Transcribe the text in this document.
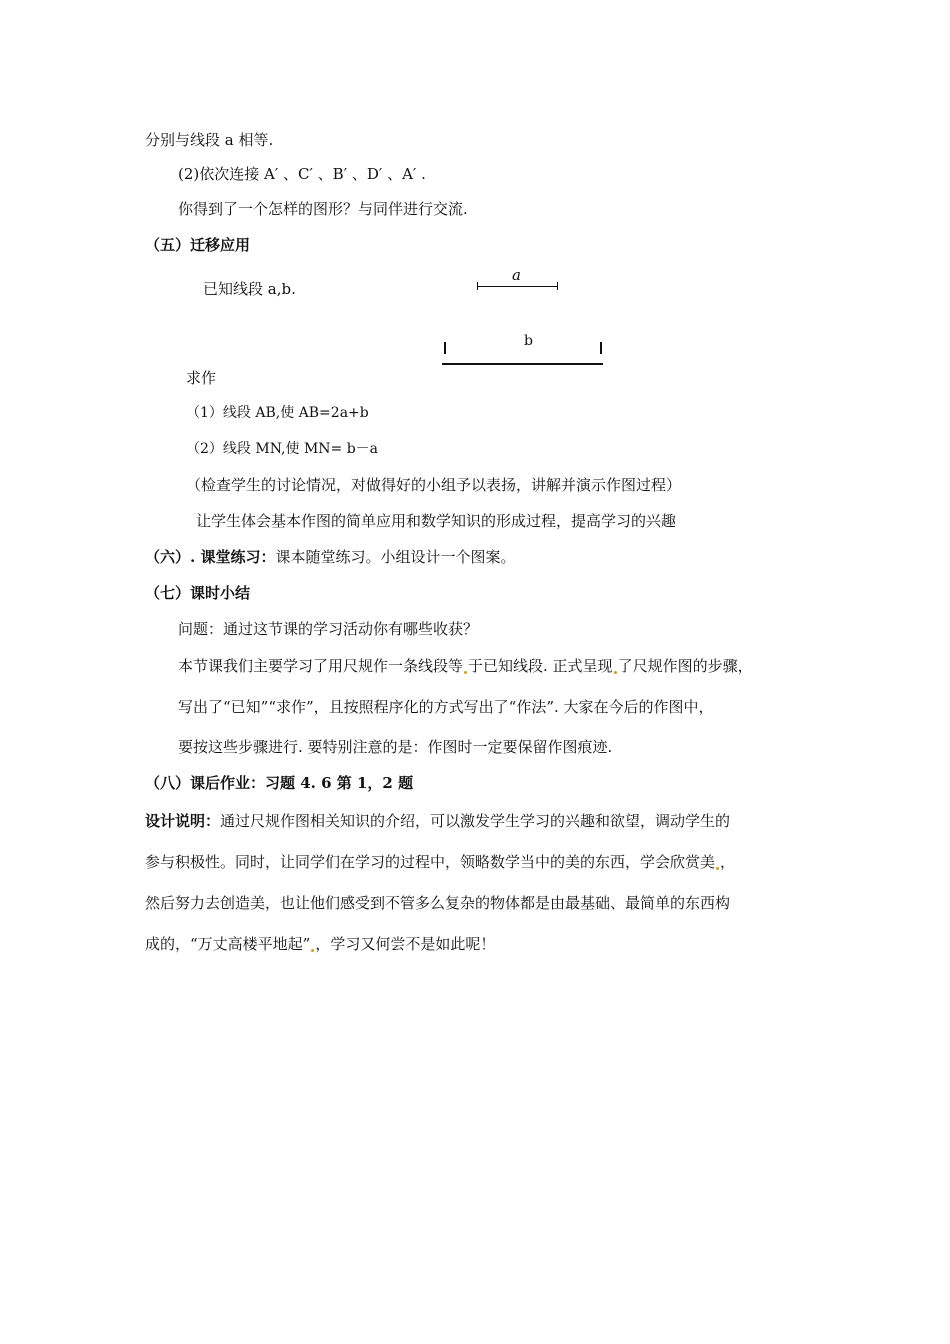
分别与线段 a 相等.
(2)依次连接 A′ 、C′ 、B′ 、D′ 、A′ .
你得到了一个怎样的图形？与同伴进行交流.
（五）迁移应用
已知线段 a,b.
a
b
求作
（1）线段 AB,使 AB=2a+b
（2）线段 MN,使 MN= b－a
（检查学生的讨论情况，对做得好的小组予以表扬，讲解并演示作图过程）
让学生体会基本作图的简单应用和数学知识的形成过程，提高学习的兴趣
（六）. 课堂练习：课本随堂练习。小组设计一个图案。
（七）课时小结
问题：通过这节课的学习活动你有哪些收获？
本节课我们主要学习了用尺规作一条线段等 于已知线段. 正式呈现 了尺规作图的步骤，
写出了“已知”“求作”，且按照程序化的方式写出了“作法”. 大家在今后的作图中，
要按这些步骤进行. 要特别注意的是：作图时一定要保留作图痕迹.
（八）课后作业：习题 4. 6 第 1，2 题
设计说明：通过尺规作图相关知识的介绍，可以激发学生学习的兴趣和欲望，调动学生的
参与积极性。同时，让同学们在学习的过程中，领略数学当中的美的东西，学会欣赏美 ，
然后努力去创造美，也让他们感受到不管多么复杂的物体都是由最基础、最简单的东西构
成的，“万丈高楼平地起” ，学习又何尝不是如此呢！
